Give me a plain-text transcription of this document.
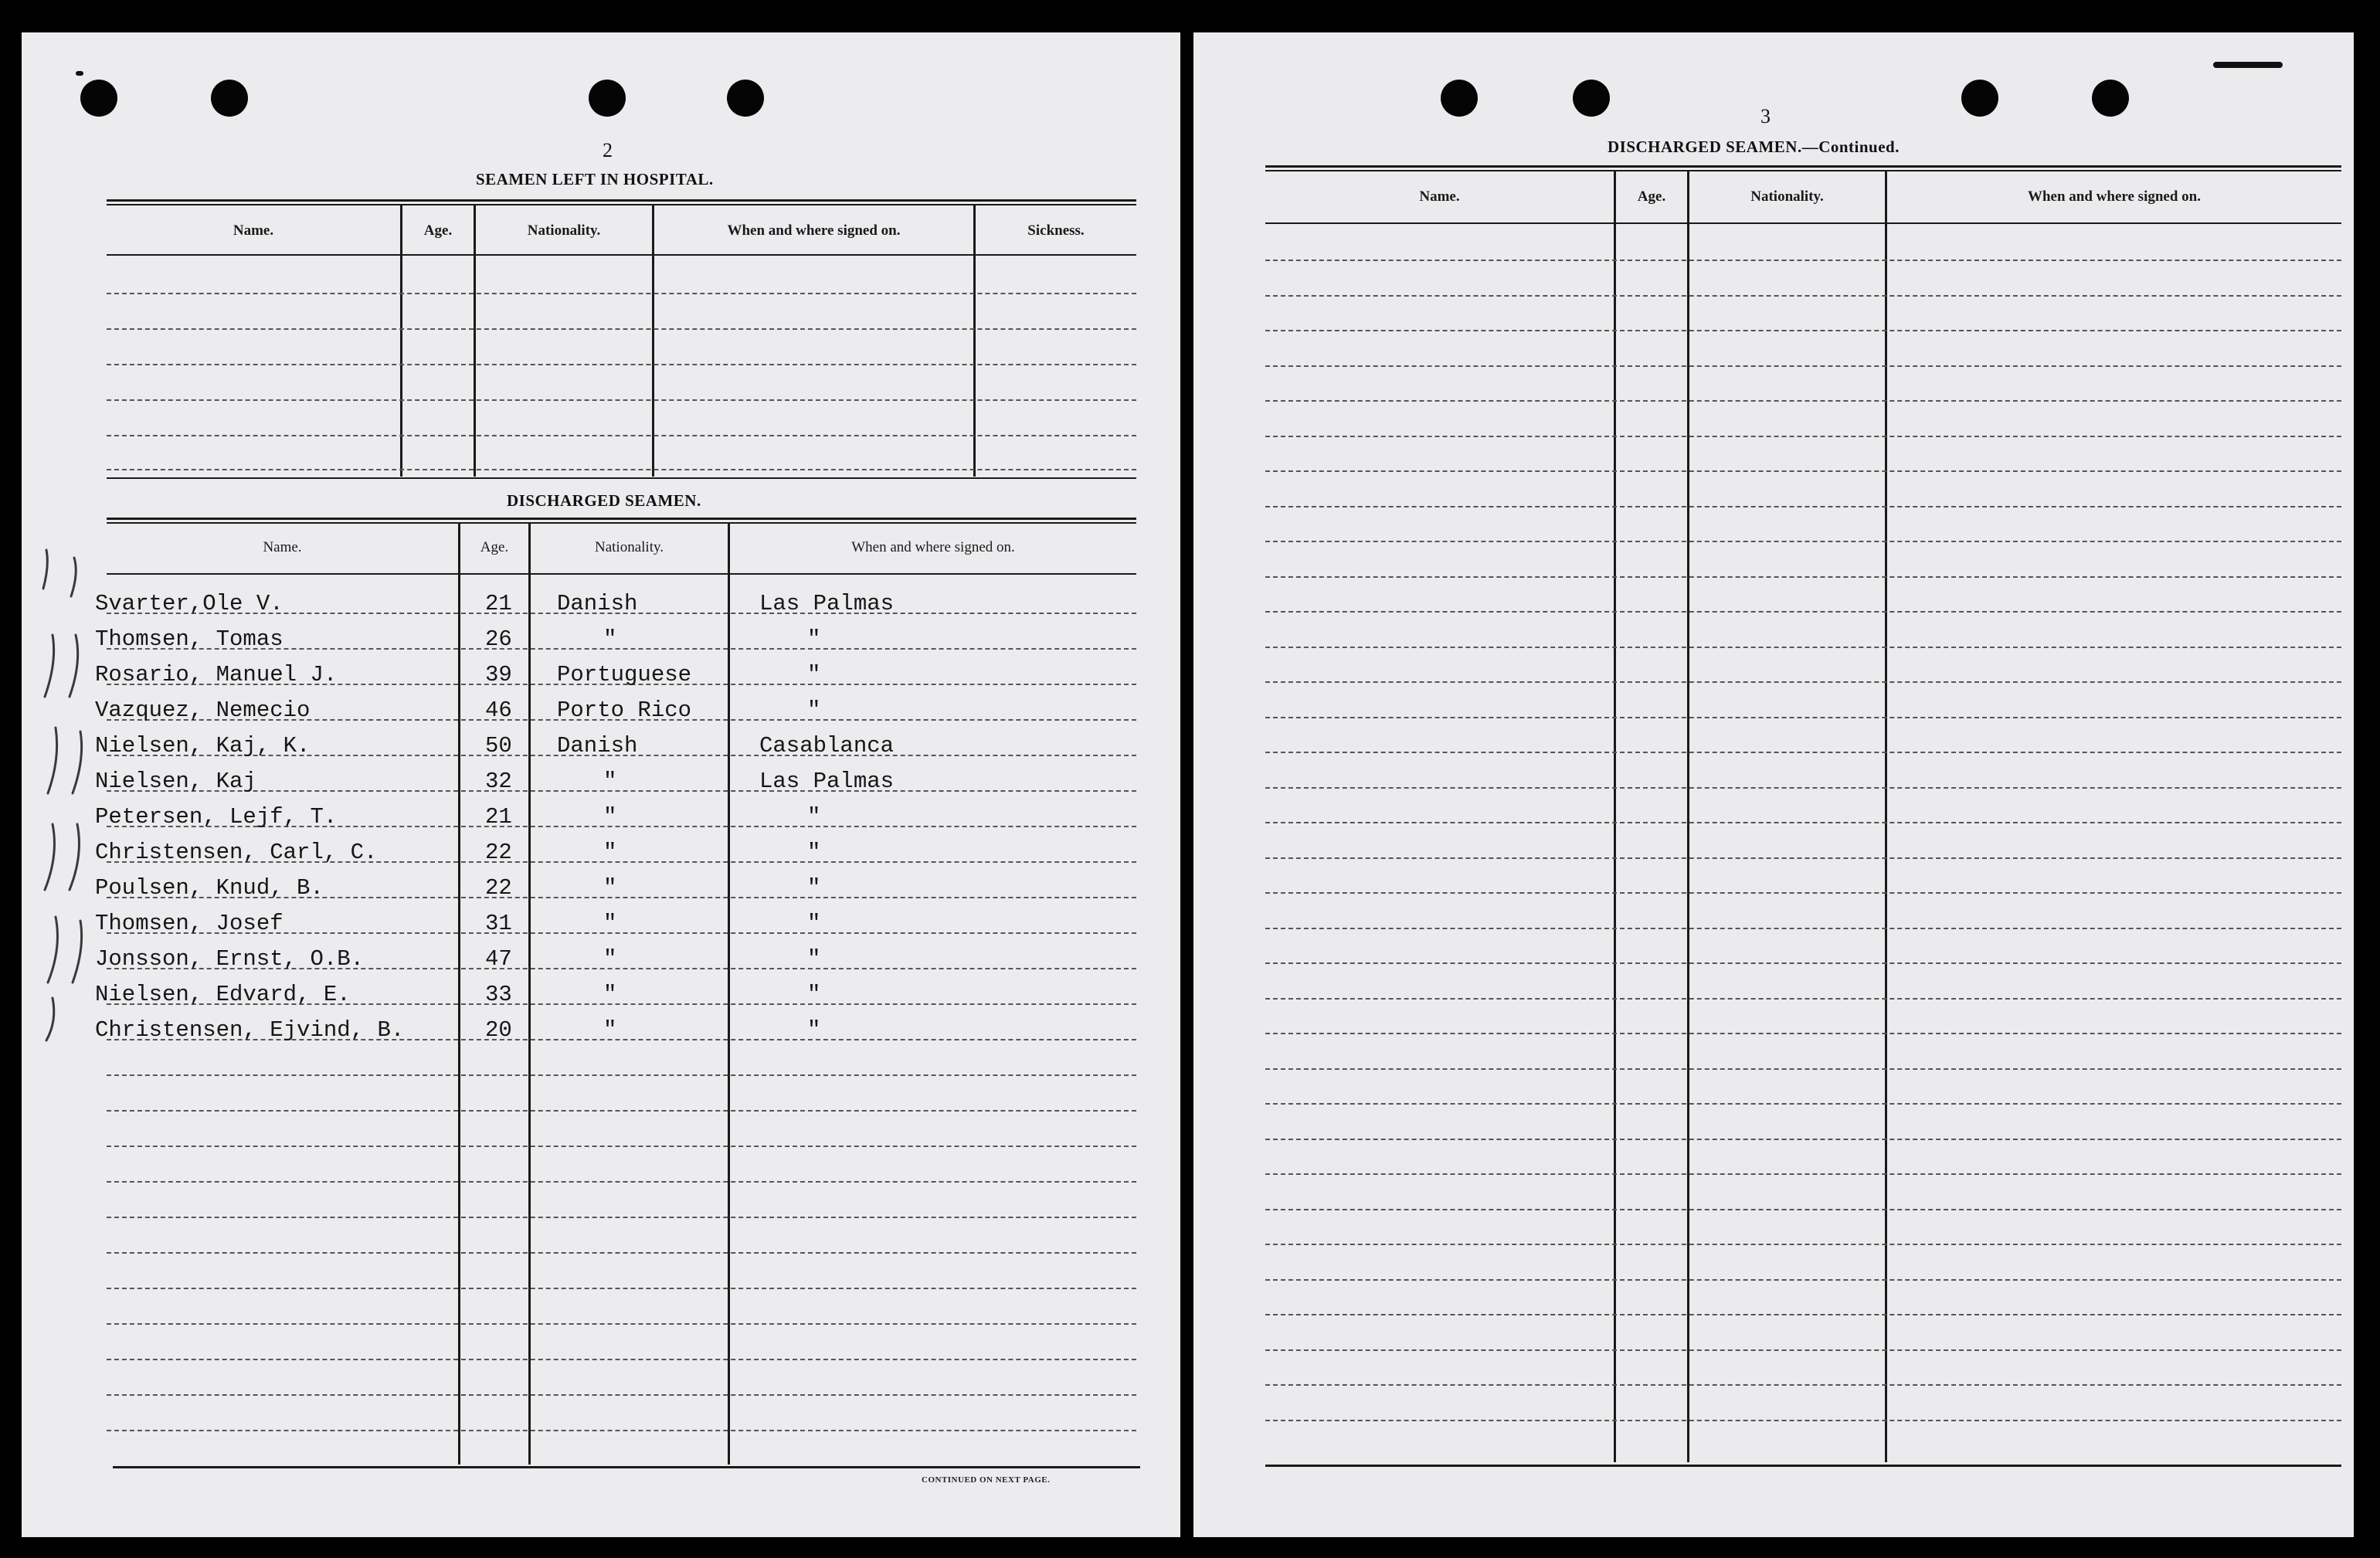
2
SEAMEN LEFT IN HOSPITAL.
Name.	Age.	Nationality.	When and where signed on.	Sickness.
DISCHARGED SEAMEN.
Name.	Age.	Nationality.	When and where signed on.
Svarter,Ole V.	21 Danish	Las Palmas
Thomsen, Tomas	26	"	"
Rosario, Manuel J.	39 Portuguese	"
Vazquez, Nemecio	46 Porto Rico	"
Nielsen, Kaj, K.	50 Danish	Casablanca
Nielsen, Kaj	32	"	Las Palmas
Petersen, Lejf, T.	21	"	"
Christensen, Carl, C.	22	"	"
Poulsen, Knud, B.	22	"	"
Thomsen, Josef	31	"	"
Jonsson, Ernst, O.B.	47	"	"
Nielsen, Edvard, E.	33	"	"
Christensen, Ejvind, B.	20	"	"
CONTINUED ON NEXT PAGE.
3
DISCHARGED SEAMEN.—Continued.
Name.	Age.	Nationality.	When and where signed on.
